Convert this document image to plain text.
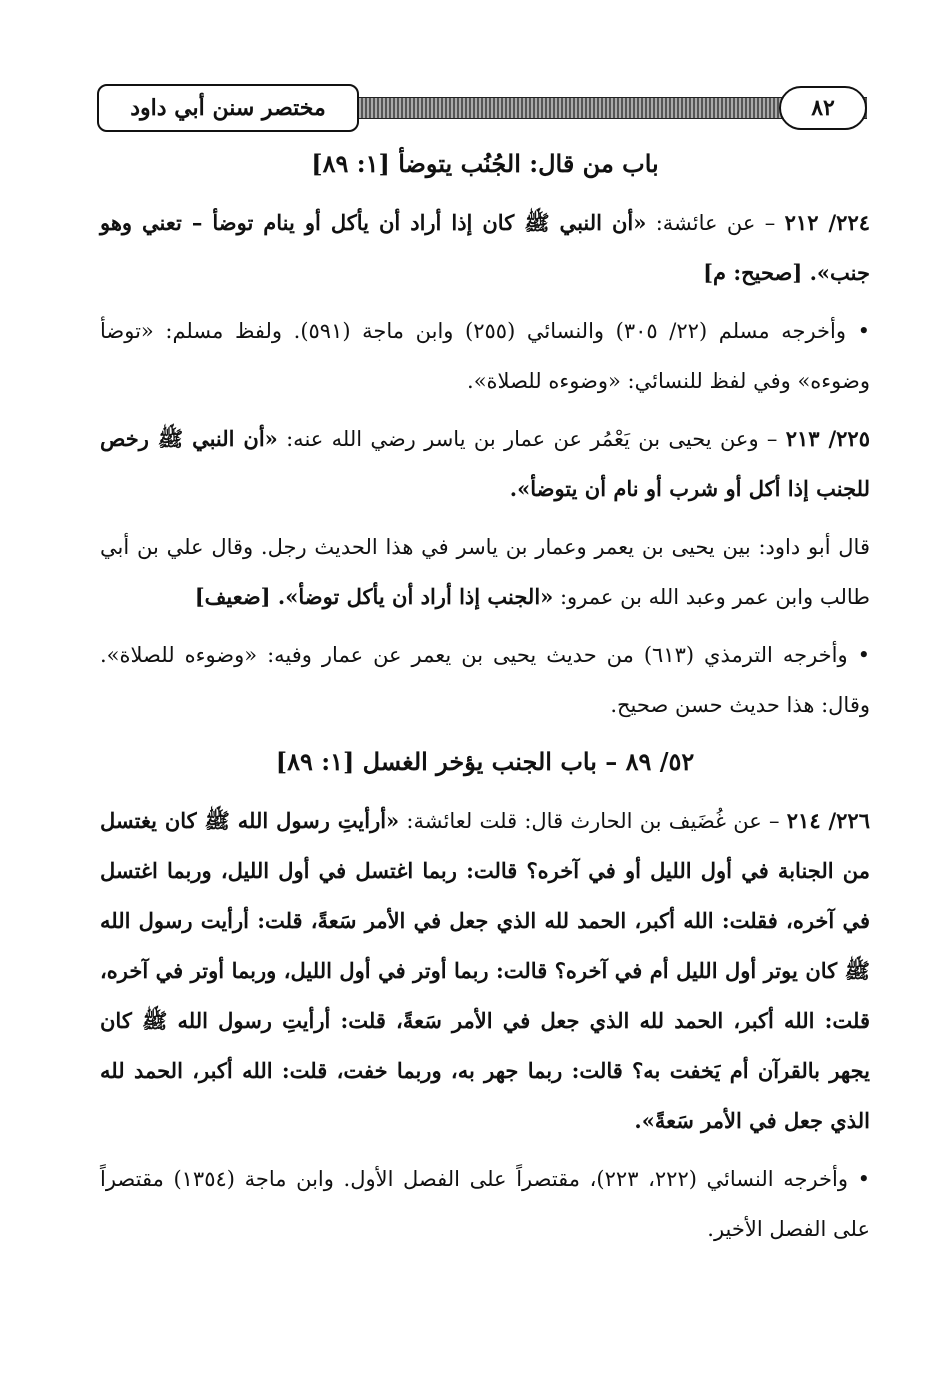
مختصر سنن أبي داود	٨٢
باب من قال: الجُنُب يتوضأ [١: ٨٩]

٢٢٤/ ٢١٢ – عن عائشة: «أن النبي ﷺ كان إذا أراد أن يأكل أو ينام توضأ – تعني وهو جنب». [صحيح: م]

• وأخرجه مسلم (٢٢/ ٣٠٥) والنسائي (٢٥٥) وابن ماجة (٥٩١). ولفظ مسلم: «توضأ وضوءه» وفي لفظ للنسائي: «وضوءه للصلاة».

٢٢٥/ ٢١٣ – وعن يحيى بن يَعْمُر عن عمار بن ياسر رضي الله عنه: «أن النبي ﷺ رخص للجنب إذا أكل أو شرب أو نام أن يتوضأ».

قال أبو داود: بين يحيى بن يعمر وعمار بن ياسر في هذا الحديث رجل. وقال علي بن أبي طالب وابن عمر وعبد الله بن عمرو: «الجنب إذا أراد أن يأكل توضأ». [ضعيف]

• وأخرجه الترمذي (٦١٣) من حديث يحيى بن يعمر عن عمار وفيه: «وضوءه للصلاة». وقال: هذا حديث حسن صحيح.

٥٢/ ٨٩ – باب الجنب يؤخر الغسل [١: ٨٩]

٢٢٦/ ٢١٤ – عن غُضَيف بن الحارث قال: قلت لعائشة: «أرأيتِ رسول الله ﷺ كان يغتسل من الجنابة في أول الليل أو في آخره؟ قالت: ربما اغتسل في أول الليل، وربما اغتسل في آخره، فقلت: الله أكبر، الحمد لله الذي جعل في الأمر سَعةً، قلت: أرأيت رسول الله ﷺ كان يوتر أول الليل أم في آخره؟ قالت: ربما أوتر في أول الليل، وربما أوتر في آخره، قلت: الله أكبر، الحمد لله الذي جعل في الأمر سَعةً، قلت: أرأيتِ رسول الله ﷺ كان يجهر بالقرآن أم يَخفت به؟ قالت: ربما جهر به، وربما خفت، قلت: الله أكبر، الحمد لله الذي جعل في الأمر سَعةً».

• وأخرجه النسائي (٢٢٢، ٢٢٣)، مقتصراً على الفصل الأول. وابن ماجة (١٣٥٤) مقتصراً على الفصل الأخير.
